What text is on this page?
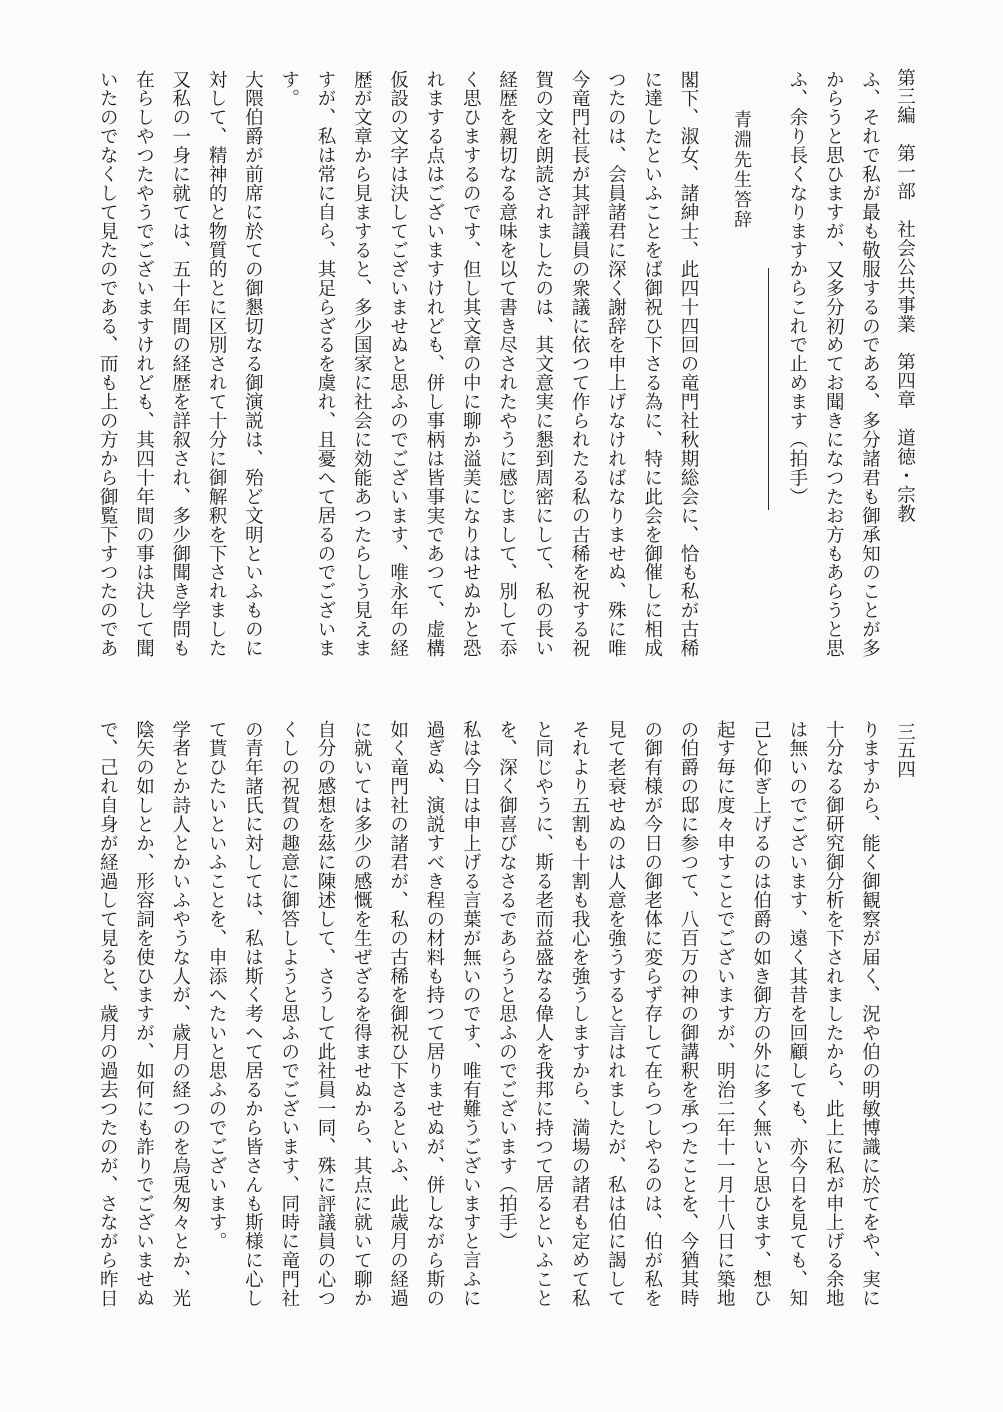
第三編　第一部　社会公共事業　第四章　道徳・宗教
三五四
青淵先生答辞	ふ、それで私が最も敬服するのである、多分諸君も御承知のことが多
からうと思ひますが、又多分初めてお聞きになつたお方もあらうと思
ふ、余り長くなりますからこれで止めます（拍手）
閣下、淑女、諸紳士、此四十四回の竜門社秋期総会に、恰も私が古稀
に達したといふことをば御祝ひ下さる為に、特に此会を御催しに相成
つたのは、会員諸君に深く謝辞を申上げなければなりませぬ、殊に唯
今竜門社長が其評議員の衆議に依つて作られたる私の古稀を祝する祝
賀の文を朗読されましたのは、其文意実に懇到周密にして、私の長い
経歴を親切なる意味を以て書き尽されたやうに感じまして、別して忝
く思ひまするのです、但し其文章の中に聊か溢美になりはせぬかと恐
れまする点はございますけれども、併し事柄は皆事実であつて、虚構
仮設の文字は決してございませぬと思ふのでございます、唯永年の経
歴が文章から見ますると、多少国家に社会に効能あつたらしう見えま
すが、私は常に自ら、其足らざるを虞れ、且憂へて居るのでございま
す。
大隈伯爵が前席に於ての御懇切なる御演説は、殆ど文明といふものに
対して、精神的と物質的とに区別されて十分に御解釈を下されました
又私の一身に就ては、五十年間の経歴を詳叙され、多少御聞き学問も
在らしやつたやうでございますけれども、其四十年間の事は決して聞
いたのでなくして見たのである、而も上の方から御覧下すつたのであ
りますから、能く御観察が届く、況や伯の明敏博識に於てをや、実に
十分なる御研究御分析を下されましたから、此上に私が申上げる余地
は無いのでございます、遠く其昔を回顧しても、亦今日を見ても、知
己と仰ぎ上げるのは伯爵の如き御方の外に多く無いと思ひます、想ひ
起す毎に度々申すことでございますが、明治二年十一月十八日に築地
の伯爵の邸に参つて、八百万の神の御講釈を承つたことを、今猶其時
の御有様が今日の御老体に変らず存して在らつしやるのは、伯が私を
見て老衰せぬのは人意を強うすると言はれましたが、私は伯に謁して
それより五割も十割も我心を強うしますから、満場の諸君も定めて私
と同じやうに、斯る老而益盛なる偉人を我邦に持つて居るといふこと
を、深く御喜びなさるであらうと思ふのでございます（拍手）
私は今日は申上げる言葉が無いのです、唯有難うございますと言ふに
過ぎぬ、演説すべき程の材料も持つて居りませぬが、併しながら斯の
如く竜門社の諸君が、私の古稀を御祝ひ下さるといふ、此歳月の経過
に就いては多少の感慨を生ぜざるを得ませぬから、其点に就いて聊か
自分の感想を茲に陳述して、さうして此社員一同、殊に評議員の心つ
くしの祝賀の趣意に御答しようと思ふのでございます、同時に竜門社
の青年諸氏に対しては、私は斯く考へて居るから皆さんも斯様に心し
て貰ひたいといふことを、申添へたいと思ふのでございます。
学者とか詩人とかいふやうな人が、歳月の経つのを烏兎匆々とか、光
陰矢の如しとか、形容詞を使ひますが、如何にも詐りでございませぬ
で、己れ自身が経過して見ると、歳月の過去つたのが、さながら昨日
